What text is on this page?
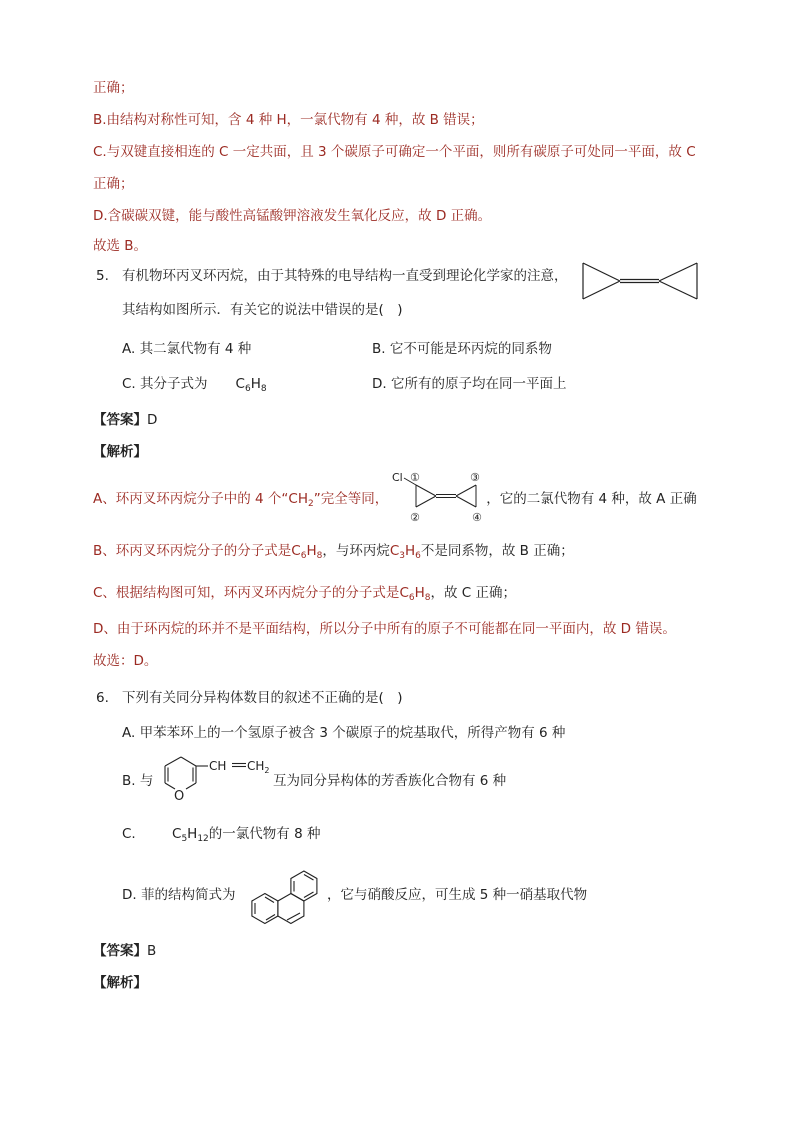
正确；
B.由结构对称性可知，含 4 种 H，一氯代物有 4 种，故 B 错误；
C.与双键直接相连的 C 一定共面，且 3 个碳原子可确定一个平面，则所有碳原子可处同一平面，故 C
正确；
D.含碳碳双键，能与酸性高锰酸钾溶液发生氧化反应，故 D 正确。
故选 B。
5. 有机物环丙叉环丙烷，由于其特殊的电导结构一直受到理论化学家的注意，
其结构如图所示．有关它的说法中错误的是(　)
A. 其二氯代物有 4 种	B. 它不可能是环丙烷的同系物
C. 其分子式为 $C_6H_8$	D. 它所有的原子均在同一平面上
【答案】D
【解析】
A、环丙叉环丙烷分子中的 4 个“$CH_2$”完全等同，	，它的二氯代物有 4 种，故 A 正确
Cl ①
②
③
④
B、环丙叉环丙烷分子的分子式是$C_6H_8$，与环丙烷$C_3H_6$不是同系物，故 B 正确；
C、根据结构图可知，环丙叉环丙烷分子的分子式是$C_6H_8$，故 C 正确；
D、由于环丙烷的环并不是平面结构，所以分子中所有的原子不可能都在同一平面内，故 D 错误。
故选：D。
6. 下列有关同分异构体数目的叙述不正确的是(　)
A. 甲苯苯环上的一个氢原子被含 3 个碳原子的烷基取代，所得产物有 6 种
B. 与
O
CH $CH_2$
互为同分异构体的芳香族化合物有 6 种
C.	$C_5H_{12}$的一氯代物有 8 种
D. 菲的结构简式为	，它与硝酸反应，可生成 5 种一硝基取代物
【答案】B
【解析】
